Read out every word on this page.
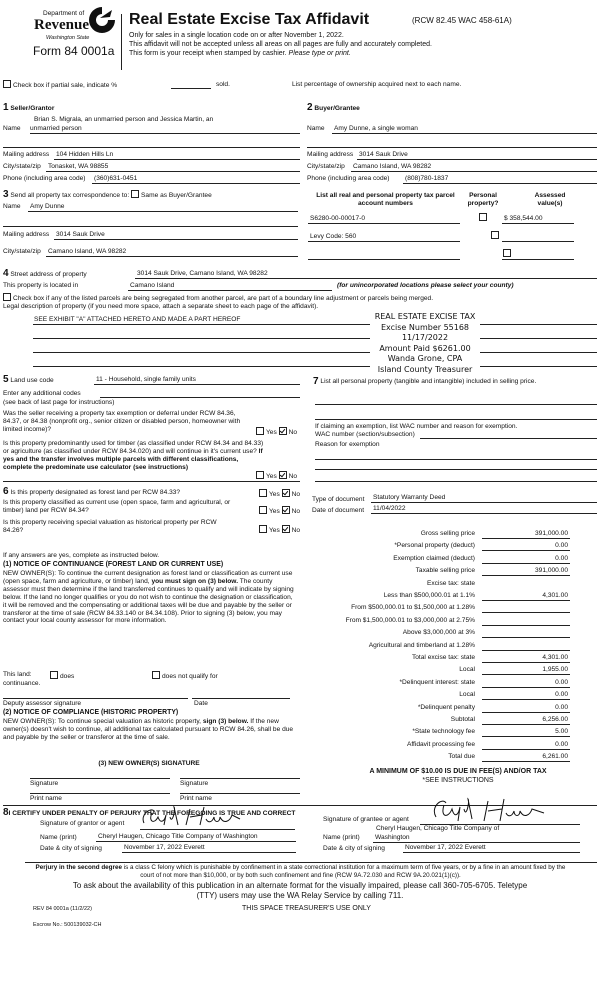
Department of
Revenue
Washington State
Form 84 0001a
Real Estate Excise Tax Affidavit	(RCW 82.45 WAC 458-61A)
Only for sales in a single location code on or after November 1, 2022.
This affidavit will not be accepted unless all areas on all pages are fully and accurately completed.
This form is your receipt when stamped by cashier. Please type or print.
Check box if partial sale, indicate %	sold.	List percentage of ownership acquired next to each name.
1 Seller/Grantor
Brian S. Migrala, an unmarried person and Jessica Martin, an
Name unmarried person
Mailing address 104 Hidden Hills Ln
City/state/zip Tonasket, WA 98855
Phone (including area code) (360)631-0451
2 Buyer/Grantee
Name Amy Dunne, a single woman
Mailing address 3014 Sauk Drive
City/state/zip Camano Island, WA 98282
Phone (including area code) (808)780-1837
3 Send all property tax correspondence to: Same as Buyer/Grantee
Name Amy Dunne
Mailing address 3014 Sauk Drive
City/state/zip Camano Island, WA 98282
List all real and personal property tax parcel account numbers
Personal property?
Assessed value(s)
S6280-00-00017-0
Levy Code: 560

$ 358,544.00
4 Street address of property	3014 Sauk Drive, Camano Island, WA 98282
This property is located in	Camano Island	(for unincorporated locations please select your county)
Check box if any of the listed parcels are being segregated from another parcel, are part of a boundary line adjustment or parcels being merged.
Legal description of property (if you need more space, attach a separate sheet to each page of the affidavit).
SEE EXHIBIT "A" ATTACHED HERETO AND MADE A PART HEREOF	REAL ESTATE EXCISE TAX
Excise Number 55168
11/17/2022
Amount Paid $6261.00
Wanda Grone, CPA
Island County Treasurer
5 Land use code	11 - Household, single family units
Enter any additional codes
(see back of last page for instructions)
Was the seller receiving a property tax exemption or deferral under RCW 84.36, 84.37, or 84.38 (nonprofit org., senior citizen or disabled person, homeowner with limited income)?	Yes No
Is this property predominantly used for timber (as classified under RCW 84.34 and 84.33) or agriculture (as classified under RCW 84.34.020) and will continue in it's current use? If yes and the transfer involves multiple parcels with different classifications, complete the predominate use calculator (see instructions)
Yes No
6 Is this property designated as forest land per RCW 84.33?	Yes No
Is this property classified as current use (open space, farm and agricultural, or timber) land per RCW 84.34?	Yes No
Is this property receiving special valuation as historical property per RCW 84.26?	Yes No
If any answers are yes, complete as instructed below.
(1) NOTICE OF CONTINUANCE (FOREST LAND OR CURRENT USE)
NEW OWNER(S): To continue the current designation as forest land or classification as current use (open space, farm and agriculture, or timber) land, you must sign on (3) below. The county assessor must then determine if the land transferred continues to qualify and will indicate by signing below. If the land no longer qualifies or you do not wish to continue the designation or classification, it will be removed and the compensating or additional taxes will be due and payable by the seller or transferor at the time of sale (RCW 84.33.140 or 84.34.108). Prior to signing (3) below, you may contact your local county assessor for more information.
This land:	does	does not qualify for
continuance.
Deputy assessor signature	Date
(2) NOTICE OF COMPLIANCE (HISTORIC PROPERTY)
NEW OWNER(S): To continue special valuation as historic property, sign (3) below. If the new owner(s) doesn't wish to continue, all additional tax calculated pursuant to RCW 84.26, shall be due and payable by the seller or transferor at the time of sale.
(3) NEW OWNER(S) SIGNATURE
Signature	Signature
Print name	Print name
7 List all personal property (tangible and intangible) included in selling price.
If claiming an exemption, list WAC number and reason for exemption.
WAC number (section/subsection)
Reason for exemption
Type of document Statutory Warranty Deed
Date of document 11/04/2022
Gross selling price	391,000.00
*Personal property (deduct)	0.00
Exemption claimed (deduct)	0.00
Taxable selling price	391,000.00
Excise tax: state
Less than $500,000.01 at 1.1%	4,301.00
From $500,000.01 to $1,500,000 at 1.28%
From $1,500,000.01 to $3,000,000 at 2.75%
Above $3,000,000 at 3%
Agricultural and timberland at 1.28%
Total excise tax: state	4,301.00
Local	1,955.00
*Delinquent interest: state	0.00
Local	0.00
*Delinquent penalty	0.00
Subtotal	6,256.00
*State technology fee	5.00
Affidavit processing fee	0.00
Total due	6,261.00
A MINIMUM OF $10.00 IS DUE IN FEE(S) AND/OR TAX
*SEE INSTRUCTIONS
8I CERTIFY UNDER PENALTY OF PERJURY THAT THE FOREGOING IS TRUE AND CORRECT
Signature of grantor or agent
Name (print)	Cheryl Haugen, Chicago Title Company of Washington
Date & city of signing	November 17, 2022 Everett
Signature of grantee or agent
Cheryl Haugen, Chicago Title Company of
Name (print) Washington
Date & city of signing	November 17, 2022 Everett
Perjury in the second degree is a class C felony which is punishable by confinement in a state correctional institution for a maximum term of five years, or by a fine in an amount fixed by the court of not more than $10,000, or by both such confinement and fine (RCW 9A.72.030 and RCW 9A.20.021(1)(c)).
To ask about the availability of this publication in an alternate format for the visually impaired, please call 360-705-6705. Teletype
(TTY) users may use the WA Relay Service by calling 711.
REV 84 0001a (11/2/22)	THIS SPACE TREASURER'S USE ONLY
Escrow No.: 500139032-CH
